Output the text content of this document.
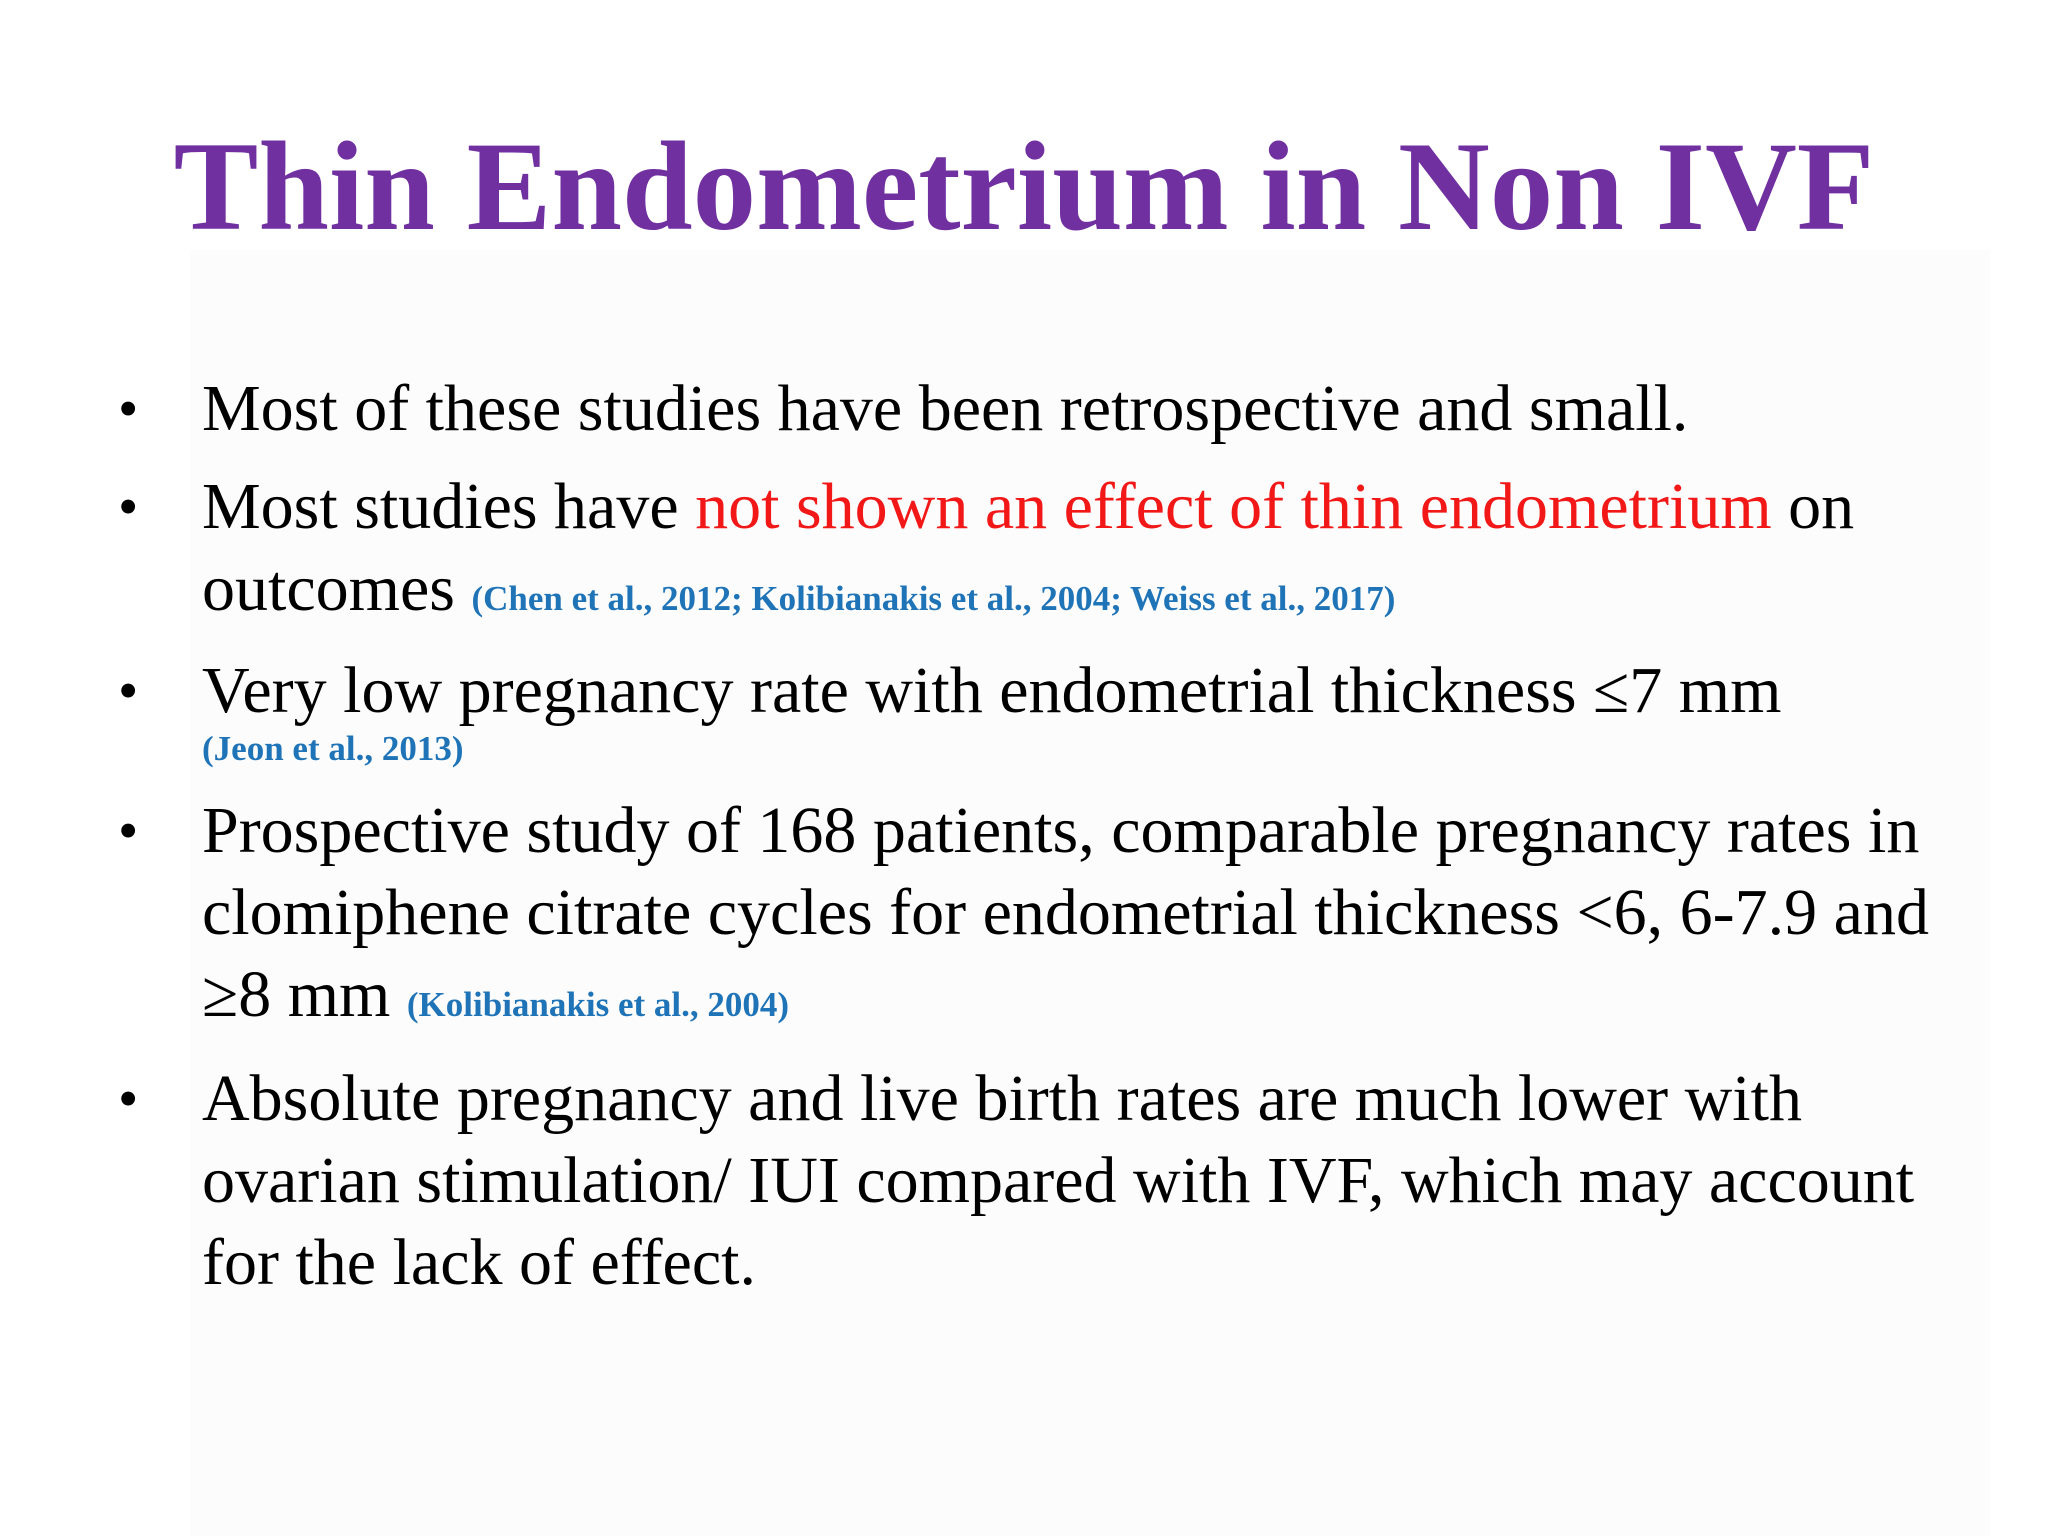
Thin Endometrium in Non IVF
• Most of these studies have been retrospective and small.
• Most studies have not shown an effect of thin endometrium on outcomes (Chen et al., 2012; Kolibianakis et al., 2004; Weiss et al., 2017)
• Very low pregnancy rate with endometrial thickness ≤7 mm
(Jeon et al., 2013)
• Prospective study of 168 patients, comparable pregnancy rates in clomiphene citrate cycles for endometrial thickness <6, 6-7.9 and ≥8 mm (Kolibianakis et al., 2004)
• Absolute pregnancy and live birth rates are much lower with ovarian stimulation/ IUI compared with IVF, which may account for the lack of effect.
